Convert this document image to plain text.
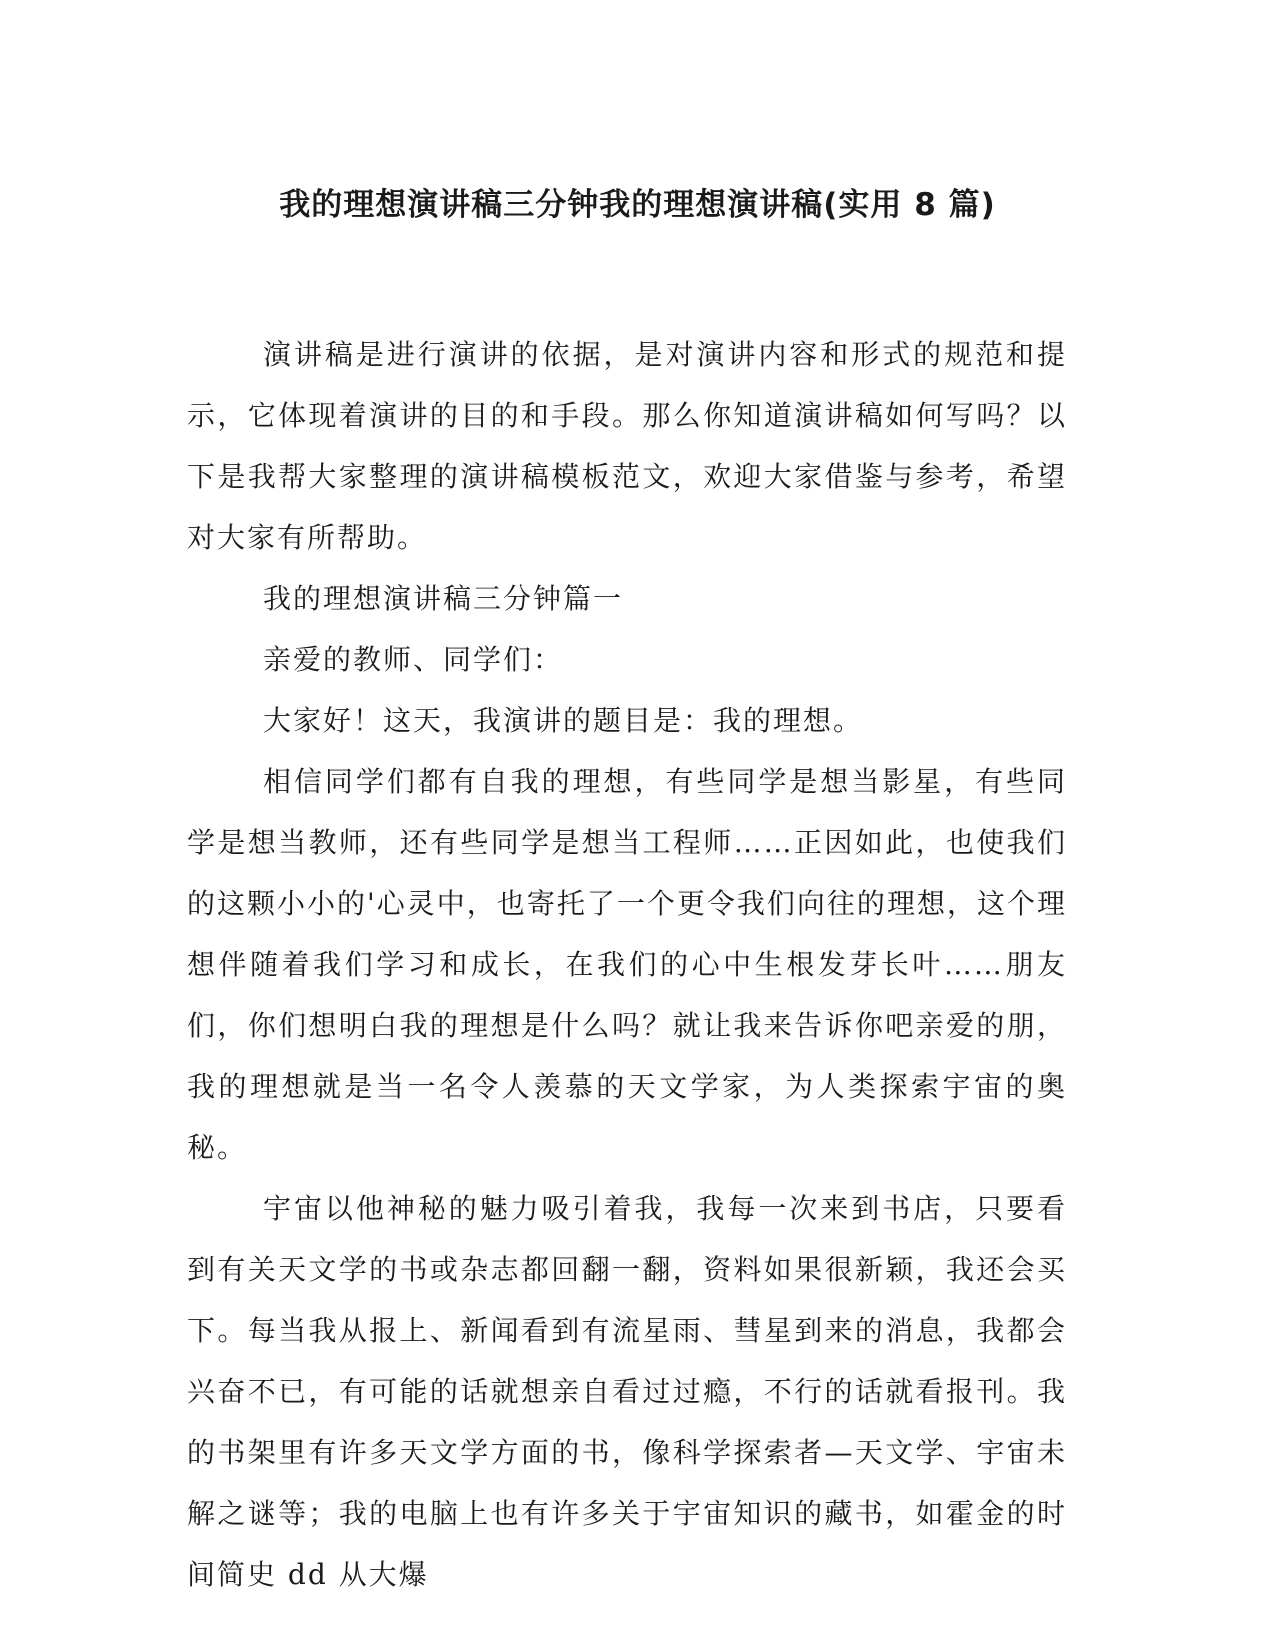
我的理想演讲稿三分钟我的理想演讲稿(实用 8 篇)

演讲稿是进行演讲的依据，是对演讲内容和形式的规范和提示，它体现着演讲的目的和手段。那么你知道演讲稿如何写吗？以下是我帮大家整理的演讲稿模板范文，欢迎大家借鉴与参考，希望对大家有所帮助。

我的理想演讲稿三分钟篇一

亲爱的教师、同学们：

大家好！这天，我演讲的题目是：我的理想。

相信同学们都有自我的理想，有些同学是想当影星，有些同学是想当教师，还有些同学是想当工程师……正因如此，也使我们的这颗小小的'心灵中，也寄托了一个更令我们向往的理想，这个理想伴随着我们学习和成长，在我们的心中生根发芽长叶……朋友们，你们想明白我的理想是什么吗？就让我来告诉你吧亲爱的朋，我的理想就是当一名令人羡慕的天文学家，为人类探索宇宙的奥秘。

宇宙以他神秘的魅力吸引着我，我每一次来到书店，只要看到有关天文学的书或杂志都回翻一翻，资料如果很新颖，我还会买下。每当我从报上、新闻看到有流星雨、彗星到来的消息，我都会兴奋不已，有可能的话就想亲自看过过瘾，不行的话就看报刊。我的书架里有许多天文学方面的书，像科学探索者—天文学、宇宙未解之谜等；我的电脑上也有许多关于宇宙知识的藏书，如霍金的时间简史 dd 从大爆
